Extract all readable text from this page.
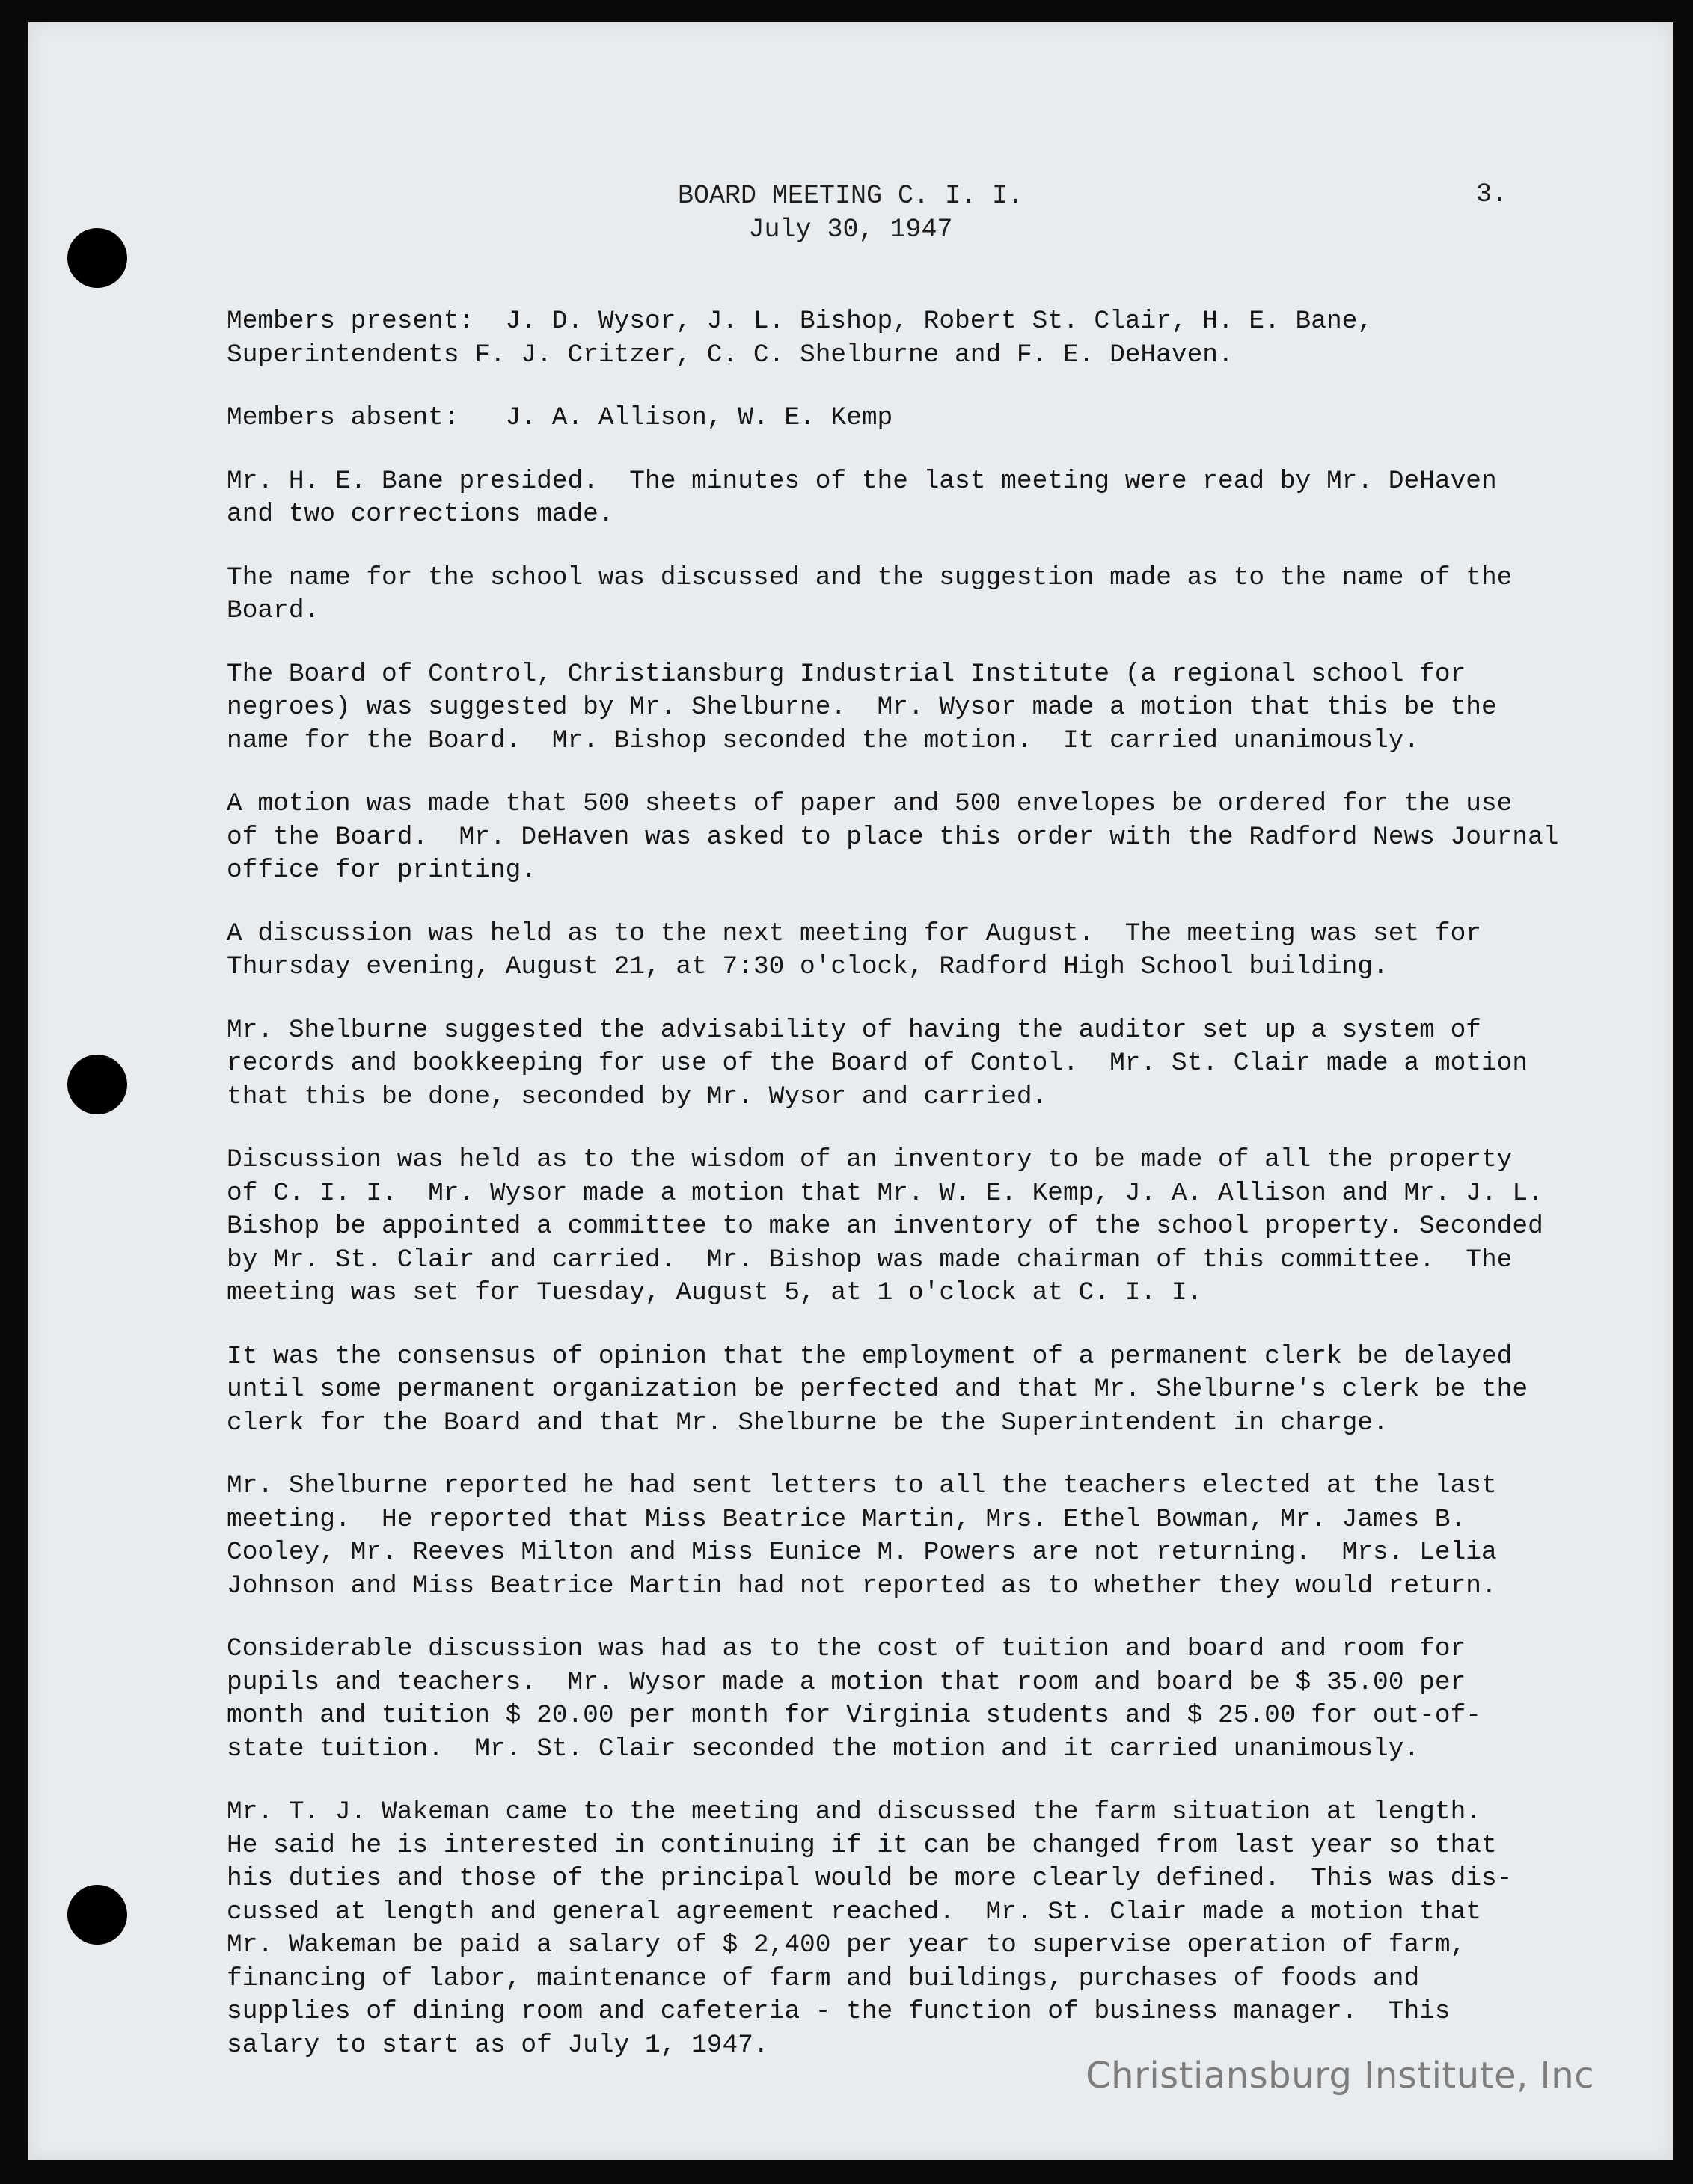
BOARD MEETING C. I. I.
July 30, 1947
3.

Members present:  J. D. Wysor, J. L. Bishop, Robert St. Clair, H. E. Bane,
Superintendents F. J. Critzer, C. C. Shelburne and F. E. DeHaven.

Members absent:   J. A. Allison, W. E. Kemp

Mr. H. E. Bane presided.  The minutes of the last meeting were read by Mr. DeHaven
and two corrections made.

The name for the school was discussed and the suggestion made as to the name of the
Board.

The Board of Control, Christiansburg Industrial Institute (a regional school for
negroes) was suggested by Mr. Shelburne.  Mr. Wysor made a motion that this be the
name for the Board.  Mr. Bishop seconded the motion.  It carried unanimously.

A motion was made that 500 sheets of paper and 500 envelopes be ordered for the use
of the Board.  Mr. DeHaven was asked to place this order with the Radford News Journal
office for printing.

A discussion was held as to the next meeting for August.  The meeting was set for
Thursday evening, August 21, at 7:30 o'clock, Radford High School building.

Mr. Shelburne suggested the advisability of having the auditor set up a system of
records and bookkeeping for use of the Board of Contol.  Mr. St. Clair made a motion
that this be done, seconded by Mr. Wysor and carried.

Discussion was held as to the wisdom of an inventory to be made of all the property
of C. I. I.  Mr. Wysor made a motion that Mr. W. E. Kemp, J. A. Allison and Mr. J. L.
Bishop be appointed a committee to make an inventory of the school property. Seconded
by Mr. St. Clair and carried.  Mr. Bishop was made chairman of this committee.  The
meeting was set for Tuesday, August 5, at 1 o'clock at C. I. I.

It was the consensus of opinion that the employment of a permanent clerk be delayed
until some permanent organization be perfected and that Mr. Shelburne's clerk be the
clerk for the Board and that Mr. Shelburne be the Superintendent in charge.

Mr. Shelburne reported he had sent letters to all the teachers elected at the last
meeting.  He reported that Miss Beatrice Martin, Mrs. Ethel Bowman, Mr. James B.
Cooley, Mr. Reeves Milton and Miss Eunice M. Powers are not returning.  Mrs. Lelia
Johnson and Miss Beatrice Martin had not reported as to whether they would return.

Considerable discussion was had as to the cost of tuition and board and room for
pupils and teachers.  Mr. Wysor made a motion that room and board be $ 35.00 per
month and tuition $ 20.00 per month for Virginia students and $ 25.00 for out-of-
state tuition.  Mr. St. Clair seconded the motion and it carried unanimously.

Mr. T. J. Wakeman came to the meeting and discussed the farm situation at length.
He said he is interested in continuing if it can be changed from last year so that
his duties and those of the principal would be more clearly defined.  This was dis-
cussed at length and general agreement reached.  Mr. St. Clair made a motion that
Mr. Wakeman be paid a salary of $ 2,400 per year to supervise operation of farm,
financing of labor, maintenance of farm and buildings, purchases of foods and
supplies of dining room and cafeteria - the function of business manager.  This
salary to start as of July 1, 1947.

Christiansburg Institute, Inc
